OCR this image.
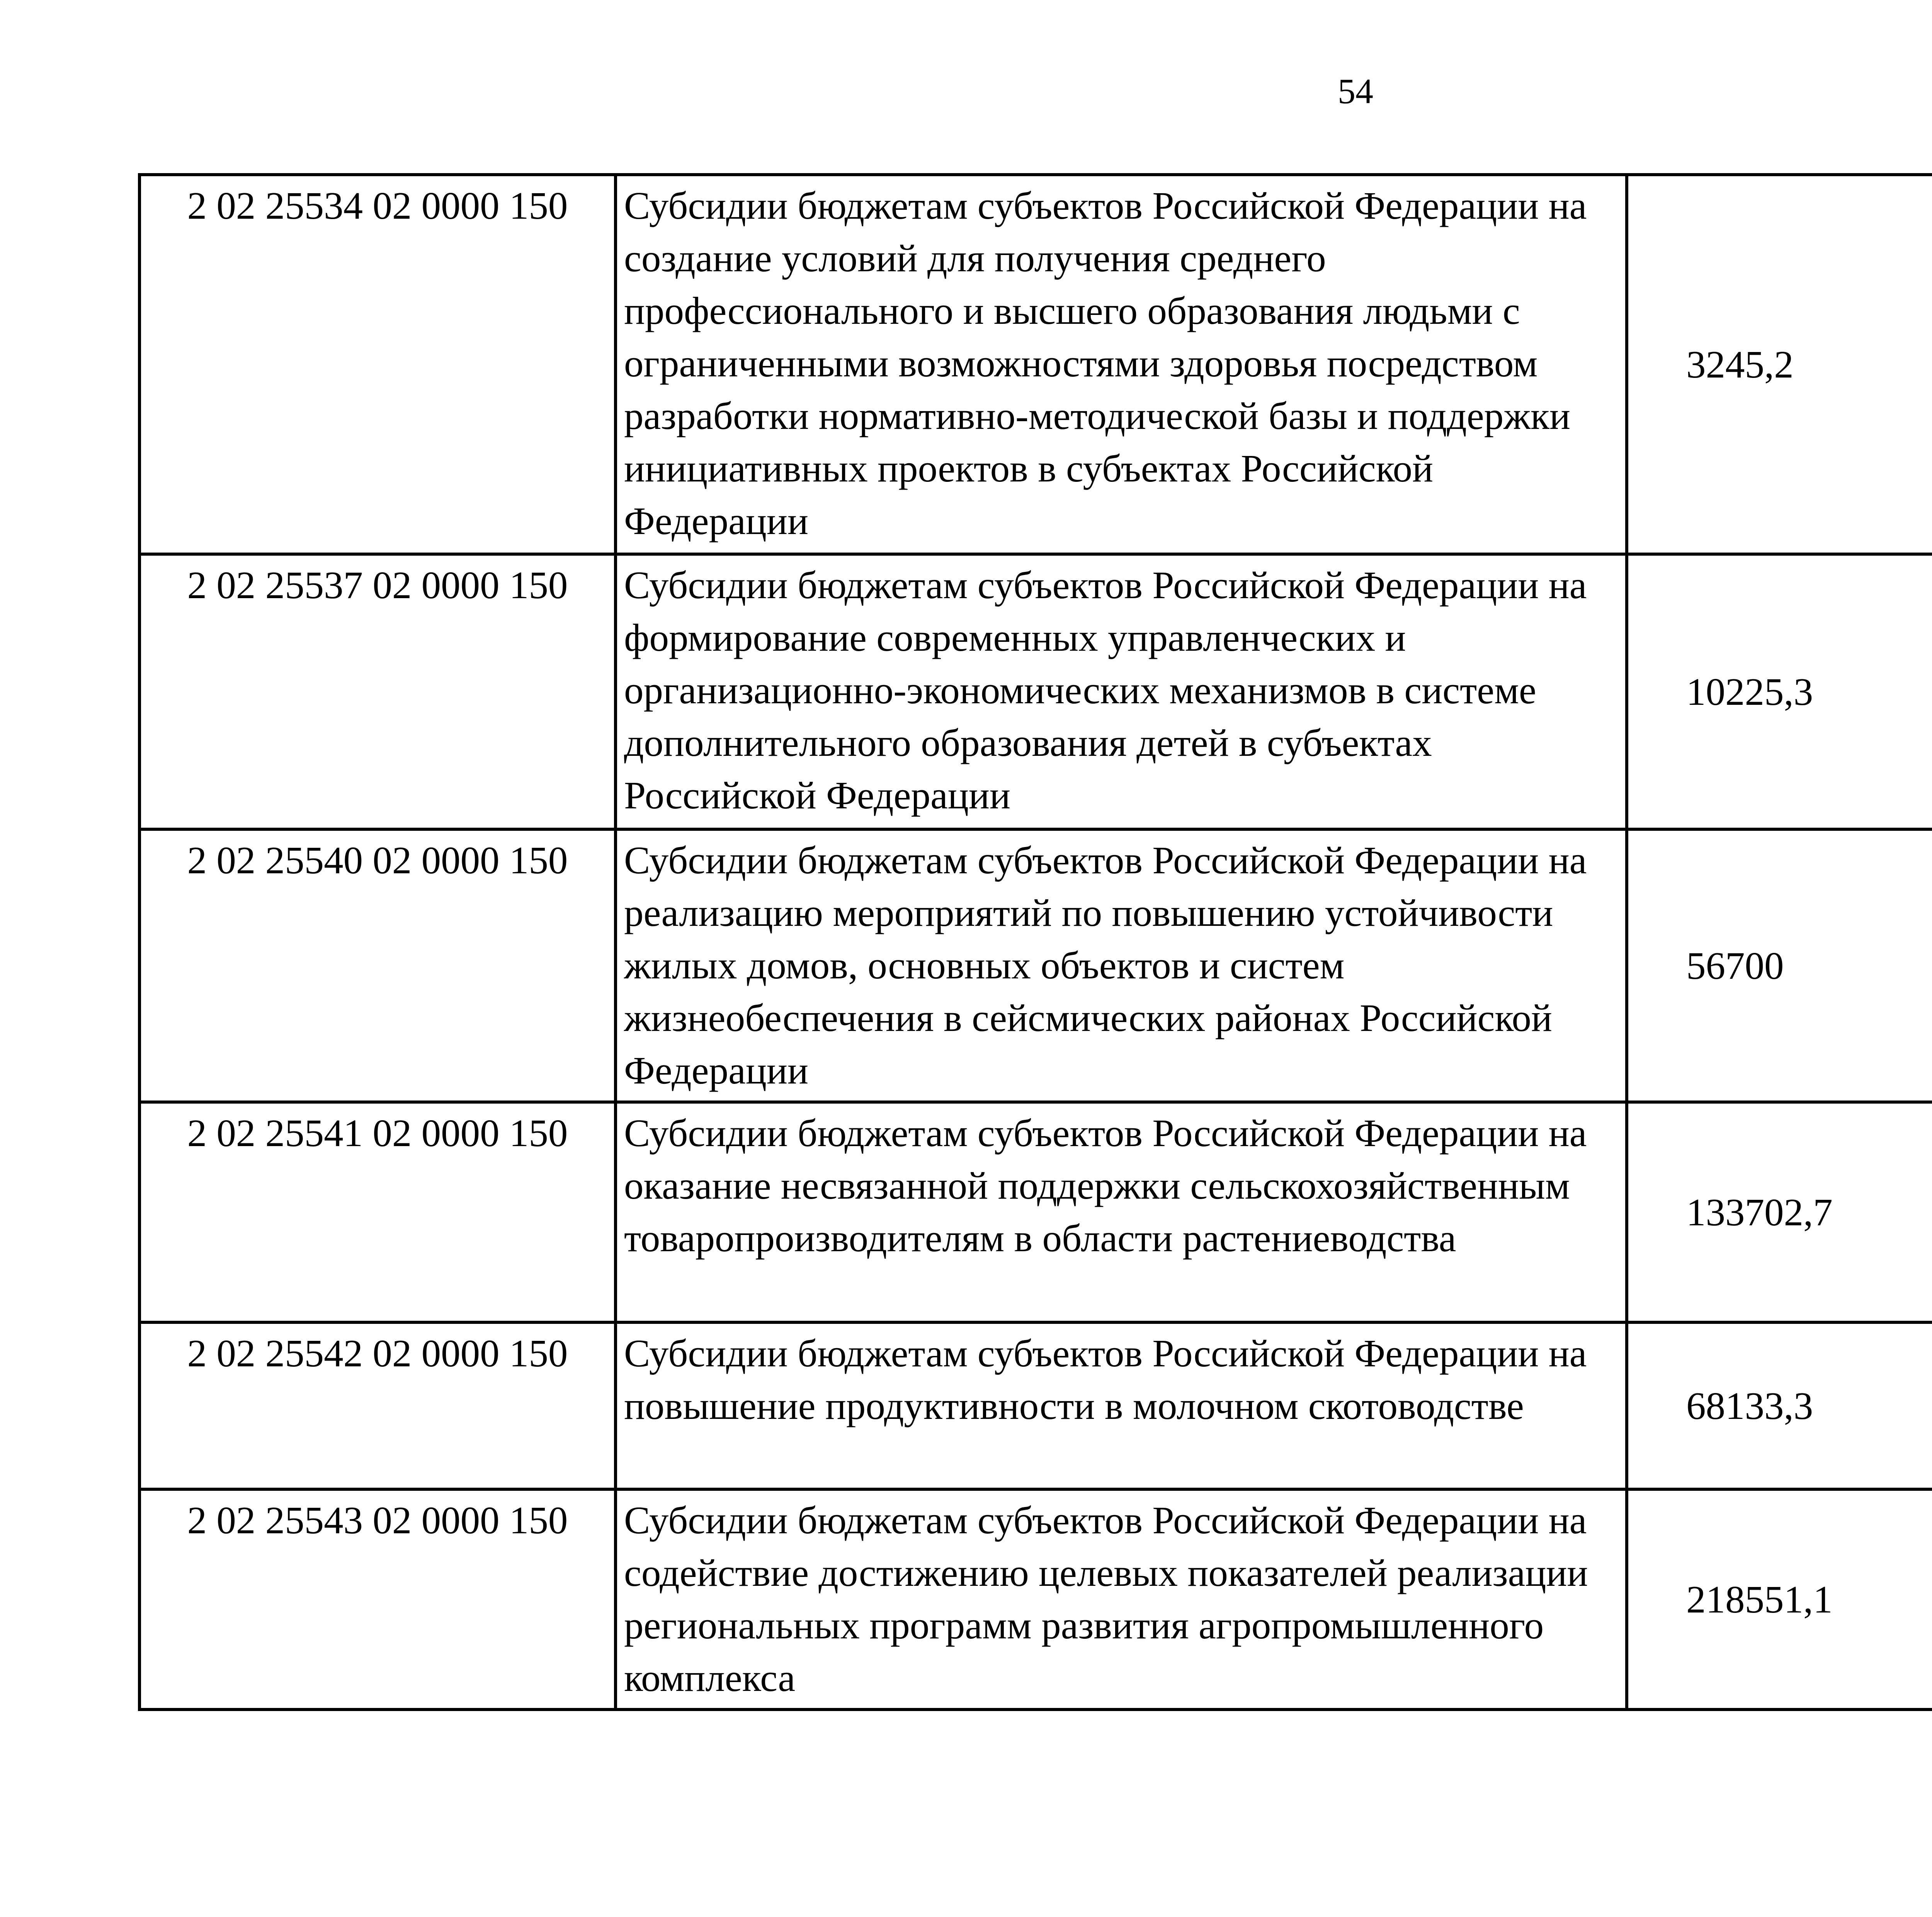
54
2 02 25534 02 0000 150	Субсидии бюджетам субъектов Российской Федерации на создание условий для получения среднего профессионального и высшего образования людьми с ограниченными возможностями здоровья посредством разработки нормативно-методической базы и поддержки инициативных проектов в субъектах Российской Федерации	3245,2		
2 02 25537 02 0000 150	Субсидии бюджетам субъектов Российской Федерации на формирование современных управленческих и организационно-экономических механизмов в системе дополнительного образования детей в субъектах Российской Федерации	10225,3		
2 02 25540 02 0000 150	Субсидии бюджетам субъектов Российской Федерации на реализацию мероприятий по повышению устойчивости жилых домов, основных объектов и систем жизнеобеспечения в сейсмических районах Российской Федерации	56700		
2 02 25541 02 0000 150	Субсидии бюджетам субъектов Российской Федерации на оказание несвязанной поддержки сельскохозяйственным товаропроизводителям в области растениеводства	133702,7		
2 02 25542 02 0000 150	Субсидии бюджетам субъектов Российской Федерации на повышение продуктивности в молочном скотоводстве	68133,3		
2 02 25543 02 0000 150	Субсидии бюджетам субъектов Российской Федерации на содействие достижению целевых показателей реализации региональных программ развития агропромышленного комплекса	218551,1		
